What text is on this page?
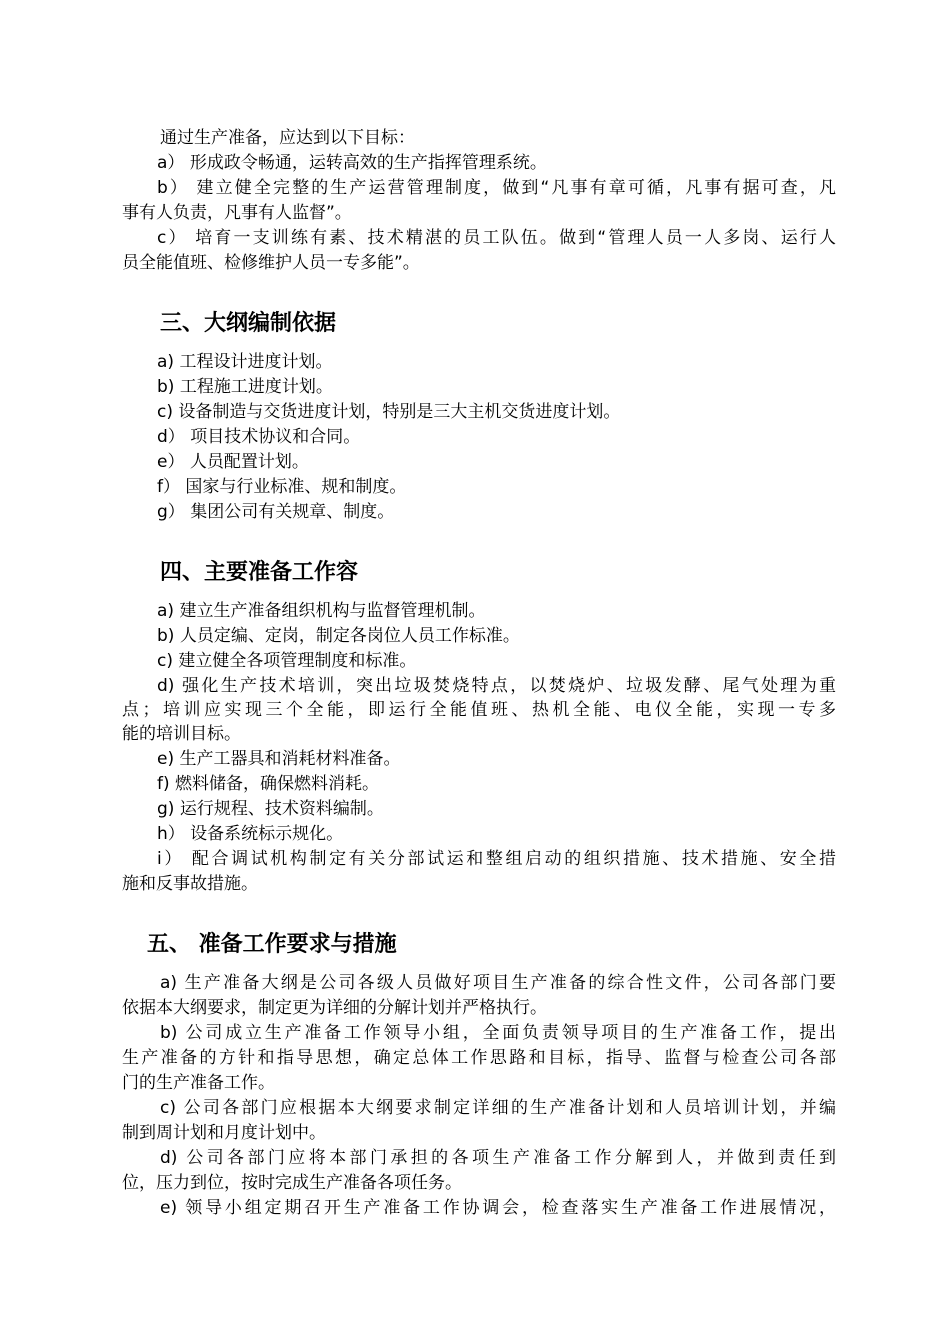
通过生产准备，应达到以下目标：
a） 形成政令畅通，运转高效的生产指挥管理系统。
b） 建立健全完整的生产运营管理制度，做到“凡事有章可循，凡事有据可查，凡
事有人负责，凡事有人监督”。
c） 培育一支训练有素、技术精湛的员工队伍。做到“管理人员一人多岗、运行人
员全能值班、检修维护人员一专多能”。
三、大纲编制依据
a) 工程设计进度计划。
b) 工程施工进度计划。
c) 设备制造与交货进度计划，特别是三大主机交货进度计划。
d） 项目技术协议和合同。
e） 人员配置计划。
f） 国家与行业标准、规和制度。
g） 集团公司有关规章、制度。
四、主要准备工作容
a) 建立生产准备组织机构与监督管理机制。
b) 人员定编、定岗，制定各岗位人员工作标准。
c) 建立健全各项管理制度和标准。
d) 强化生产技术培训，突出垃圾焚烧特点，以焚烧炉、垃圾发酵、尾气处理为重
点；培训应实现三个全能，即运行全能值班、热机全能、电仪全能，实现一专多
能的培训目标。
e) 生产工器具和消耗材料准备。
f) 燃料储备，确保燃料消耗。
g) 运行规程、技术资料编制。
h） 设备系统标示规化。
i） 配合调试机构制定有关分部试运和整组启动的组织措施、技术措施、安全措
施和反事故措施。
五、 准备工作要求与措施
a) 生产准备大纲是公司各级人员做好项目生产准备的综合性文件，公司各部门要
依据本大纲要求，制定更为详细的分解计划并严格执行。
b) 公司成立生产准备工作领导小组，全面负责领导项目的生产准备工作，提出
生产准备的方针和指导思想，确定总体工作思路和目标，指导、监督与检查公司各部
门的生产准备工作。
c) 公司各部门应根据本大纲要求制定详细的生产准备计划和人员培训计划，并编
制到周计划和月度计划中。
d) 公司各部门应将本部门承担的各项生产准备工作分解到人，并做到责任到
位，压力到位，按时完成生产准备各项任务。
e) 领导小组定期召开生产准备工作协调会，检查落实生产准备工作进展情况，
